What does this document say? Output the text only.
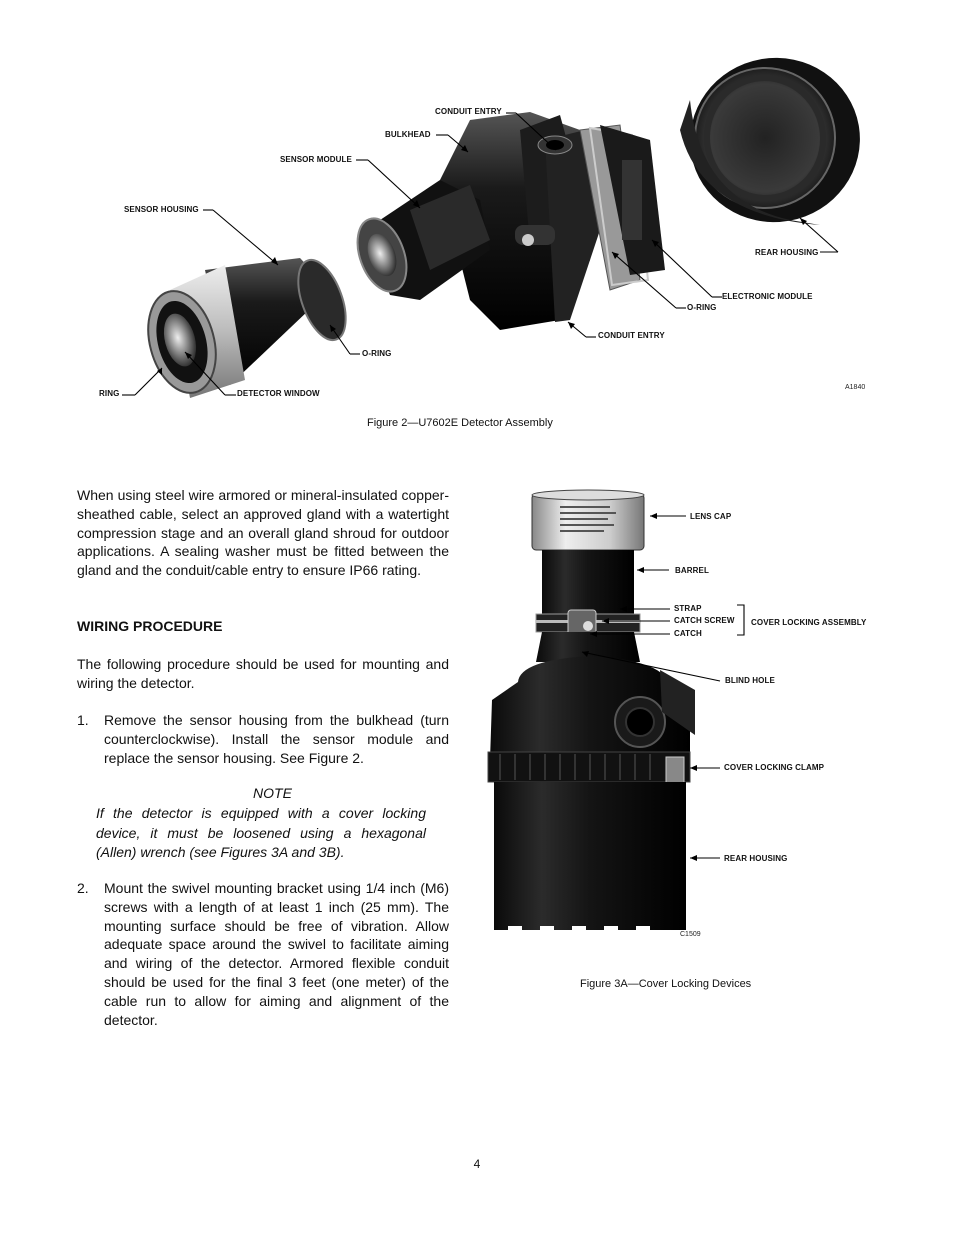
CONDUIT ENTRY
BULKHEAD
SENSOR MODULE
SENSOR HOUSING
REAR HOUSING
ELECTRONIC MODULE
O-RING
CONDUIT ENTRY
O-RING
RING	DETECTOR WINDOW
A1840
Figure 2—U7602E Detector Assembly
When using steel wire armored or mineral-insulated copper-sheathed cable, select an approved gland with a watertight compression stage and an overall gland shroud for outdoor applications. A sealing washer must be fitted between the gland and the conduit/cable entry to ensure IP66 rating.
WIRING PROCEDURE
The following procedure should be used for mounting and wiring the detector.
1. Remove the sensor housing from the bulkhead (turn counterclockwise). Install the sensor module and replace the sensor housing. See Figure 2.
NOTE
If the detector is equipped with a cover locking device, it must be loosened using a hexagonal (Allen) wrench (see Figures 3A and 3B).
2. Mount the swivel mounting bracket using 1/4 inch (M6) screws with a length of at least 1 inch (25 mm). The mounting surface should be free of vibration. Allow adequate space around the swivel to facilitate aiming and wiring of the detector. Armored flexible conduit should be used for the final 3 feet (one meter) of the cable run to allow for aiming and alignment of the detector.
LENS CAP
BARREL
STRAP
CATCH SCREW
CATCH
COVER LOCKING ASSEMBLY
BLIND HOLE
COVER LOCKING CLAMP
REAR HOUSING
C1509
Figure 3A—Cover Locking Devices
4
